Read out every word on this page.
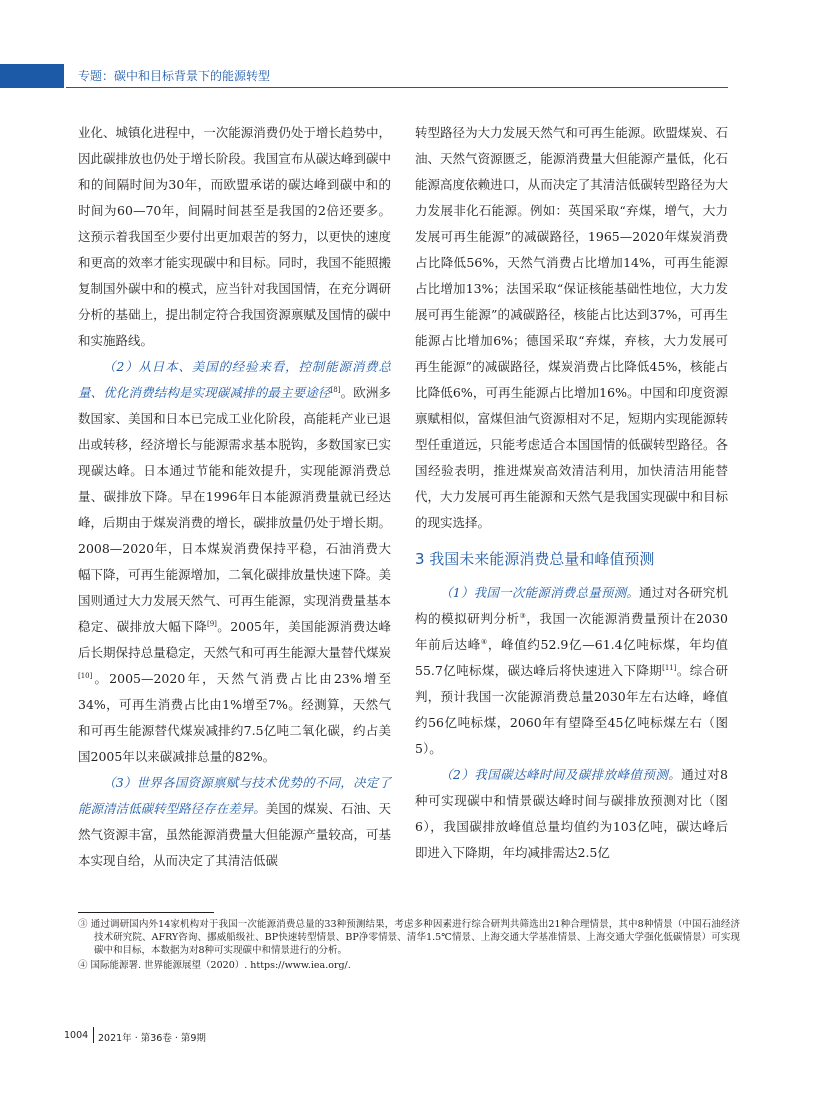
专题：碳中和目标背景下的能源转型

业化、城镇化进程中，一次能源消费仍处于增长趋势中，因此碳排放也仍处于增长阶段。我国宣布从碳达峰到碳中和的间隔时间为30年，而欧盟承诺的碳达峰到碳中和的时间为60—70年，间隔时间甚至是我国的2倍还要多。这预示着我国至少要付出更加艰苦的努力，以更快的速度和更高的效率才能实现碳中和目标。同时，我国不能照搬复制国外碳中和的模式，应当针对我国国情，在充分调研分析的基础上，提出制定符合我国资源禀赋及国情的碳中和实施路线。

（2）从日本、美国的经验来看，控制能源消费总量、优化消费结构是实现碳减排的最主要途径[8]。欧洲多数国家、美国和日本已完成工业化阶段，高能耗产业已退出或转移，经济增长与能源需求基本脱钩，多数国家已实现碳达峰。日本通过节能和能效提升，实现能源消费总量、碳排放下降。早在1996年日本能源消费量就已经达峰，后期由于煤炭消费的增长，碳排放量仍处于增长期。2008—2020年，日本煤炭消费保持平稳，石油消费大幅下降，可再生能源增加，二氧化碳排放量快速下降。美国则通过大力发展天然气、可再生能源，实现消费量基本稳定、碳排放大幅下降[9]。2005年，美国能源消费达峰后长期保持总量稳定，天然气和可再生能源大量替代煤炭[10]。2005—2020年，天然气消费占比由23%增至34%，可再生消费占比由1%增至7%。经测算，天然气和可再生能源替代煤炭减排约7.5亿吨二氧化碳，约占美国2005年以来碳减排总量的82%。

（3）世界各国资源禀赋与技术优势的不同，决定了能源清洁低碳转型路径存在差异。美国的煤炭、石油、天然气资源丰富，虽然能源消费量大但能源产量较高，可基本实现自给，从而决定了其清洁低碳

转型路径为大力发展天然气和可再生能源。欧盟煤炭、石油、天然气资源匮乏，能源消费量大但能源产量低，化石能源高度依赖进口，从而决定了其清洁低碳转型路径为大力发展非化石能源。例如：英国采取“弃煤，增气，大力发展可再生能源”的减碳路径，1965—2020年煤炭消费占比降低56%，天然气消费占比增加14%，可再生能源占比增加13%；法国采取“保证核能基础性地位，大力发展可再生能源”的减碳路径，核能占比达到37%，可再生能源占比增加6%；德国采取“弃煤，弃核，大力发展可再生能源”的减碳路径，煤炭消费占比降低45%，核能占比降低6%，可再生能源占比增加16%。中国和印度资源禀赋相似，富煤但油气资源相对不足，短期内实现能源转型任重道远，只能考虑适合本国国情的低碳转型路径。各国经验表明，推进煤炭高效清洁利用，加快清洁用能替代，大力发展可再生能源和天然气是我国实现碳中和目标的现实选择。

3 我国未来能源消费总量和峰值预测

（1）我国一次能源消费总量预测。通过对各研究机构的模拟研判分析③，我国一次能源消费量预计在2030年前后达峰④，峰值约52.9亿—61.4亿吨标煤，年均值55.7亿吨标煤，碳达峰后将快速进入下降期[11]。综合研判，预计我国一次能源消费总量2030年左右达峰，峰值约56亿吨标煤，2060年有望降至45亿吨标煤左右（图5）。

（2）我国碳达峰时间及碳排放峰值预测。通过对8种可实现碳中和情景碳达峰时间与碳排放预测对比（图6），我国碳排放峰值总量均值约为103亿吨，碳达峰后即进入下降期，年均减排需达2.5亿

③ 通过调研国内外14家机构对于我国一次能源消费总量的33种预测结果，考虑多种因素进行综合研判共筛选出21种合理情景，其中8种情景（中国石油经济技术研究院、AFRY咨询、挪威船级社、BP快速转型情景、BP净零情景、清华1.5℃情景、上海交通大学基准情景、上海交通大学强化低碳情景）可实现碳中和目标，本数据为对8种可实现碳中和情景进行的分析。
④ 国际能源署. 世界能源展望（2020）. https://www.iea.org/.
1004 2021年 · 第36卷 · 第9期
